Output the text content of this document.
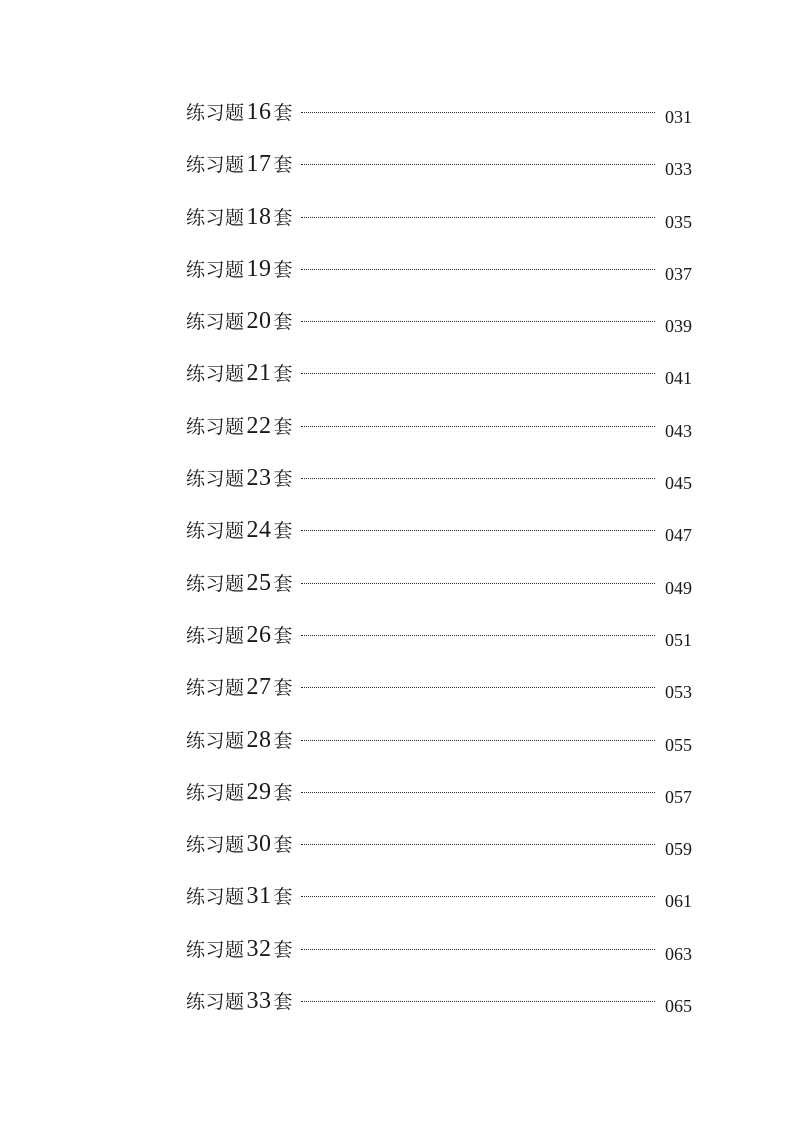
练习题16 套	031
练习题17 套	033
练习题18 套	035
练习题19 套	037
练习题20 套	039
练习题21 套	041
练习题22 套	043
练习题23 套	045
练习题24 套	047
练习题25 套	049
练习题26 套	051
练习题27 套	053
练习题28 套	055
练习题29 套	057
练习题30 套	059
练习题31 套	061
练习题32 套	063
练习题33 套	065
